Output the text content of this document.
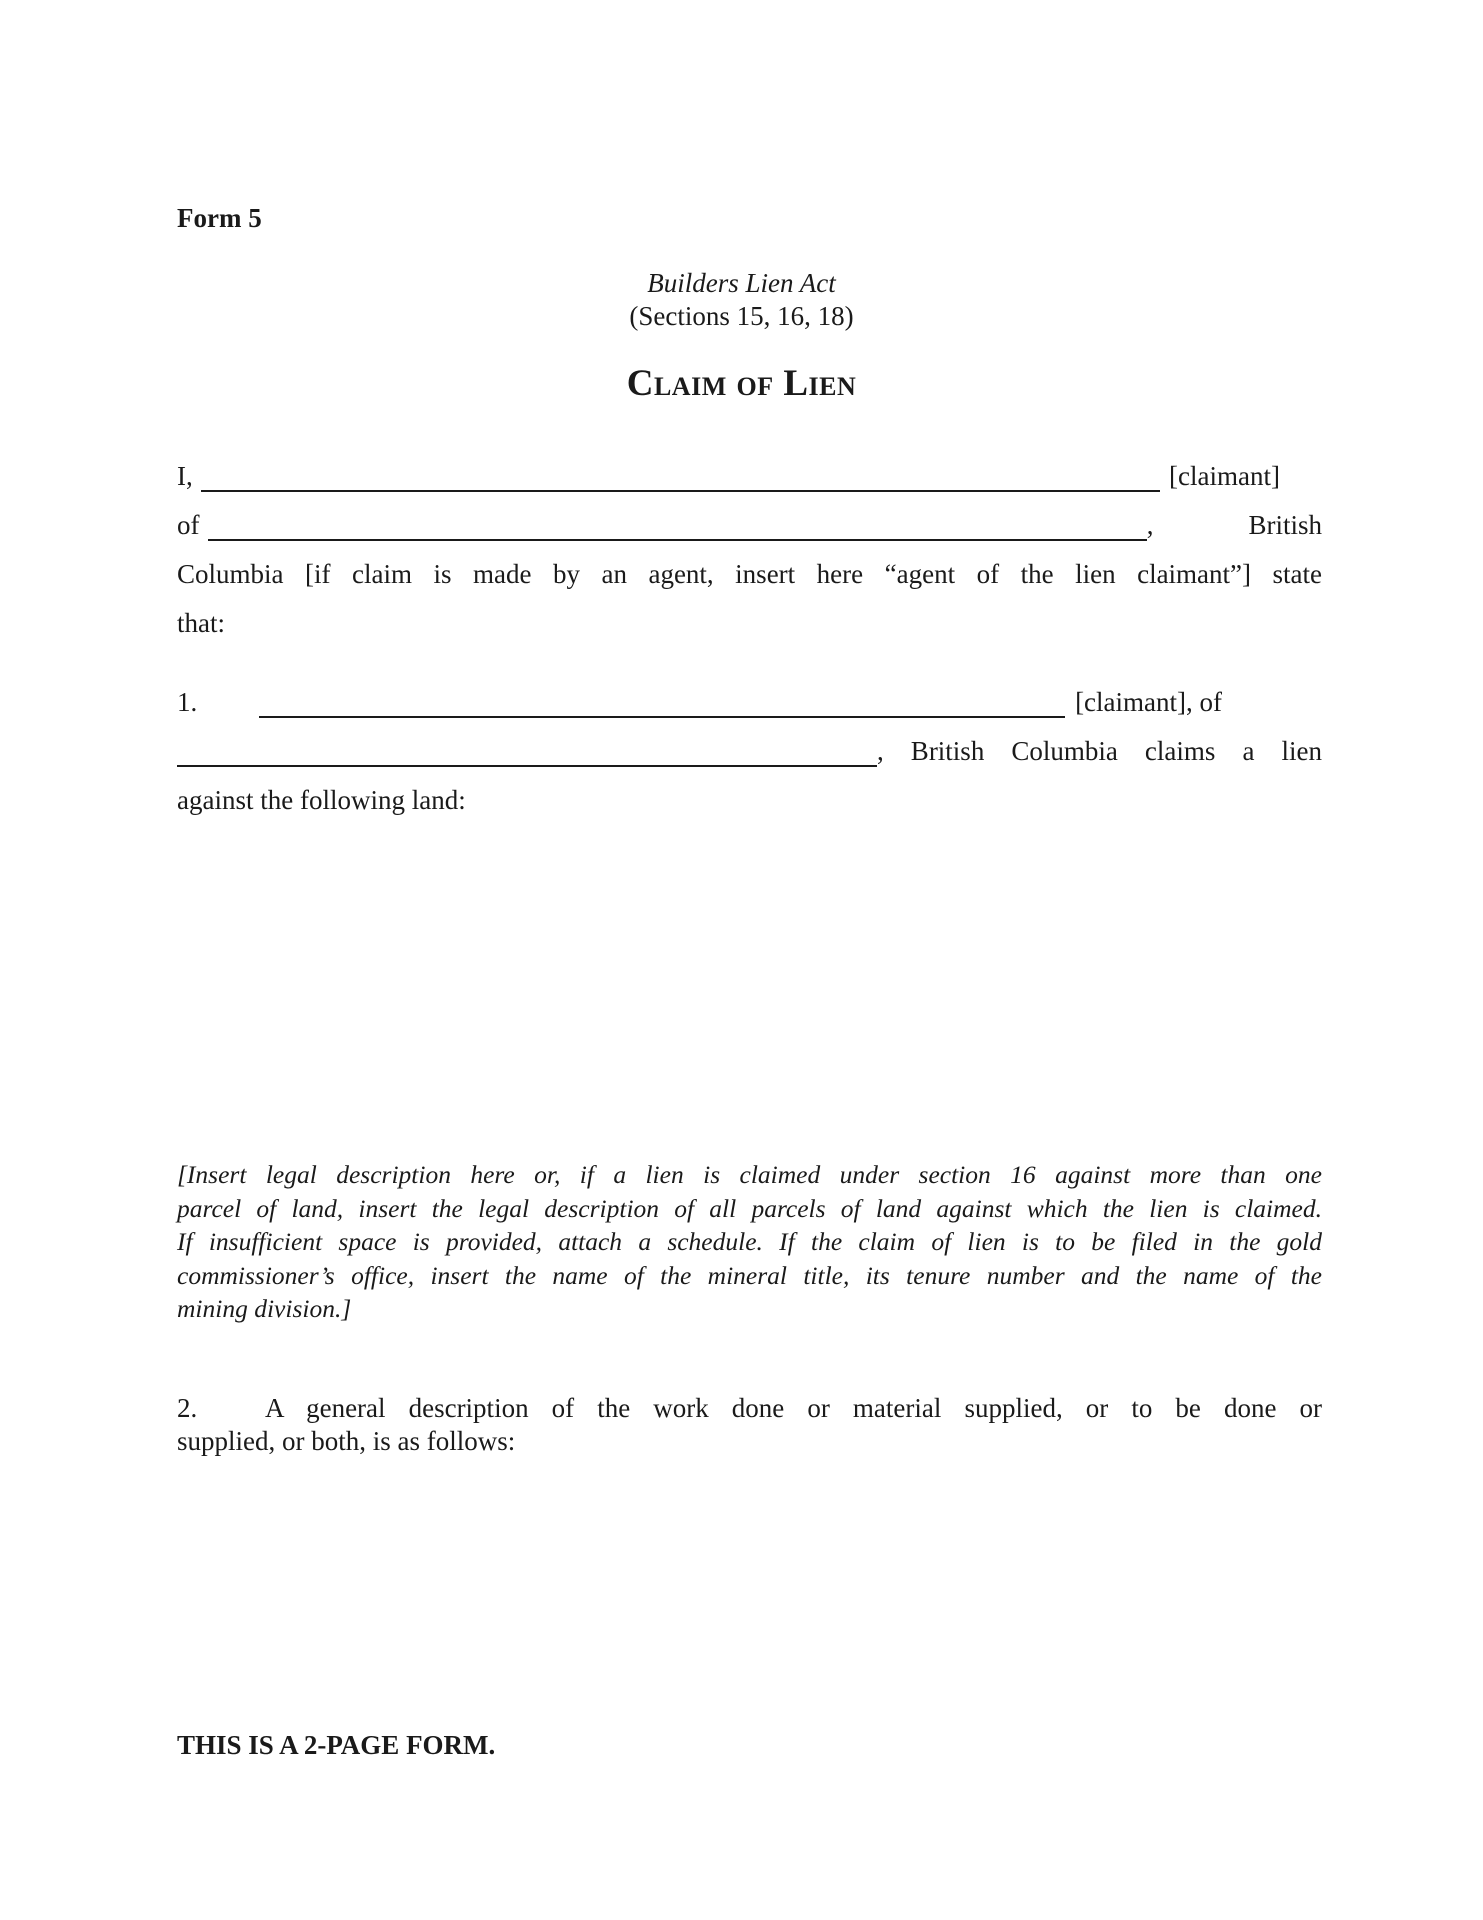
Form 5
Builders Lien Act
(Sections 15, 16, 18)
Claim of Lien
I,	[claimant]
of	,	British
Columbia [if claim is made by an agent, insert here “agent of the lien claimant”] state
that:
1.	[claimant], of
, British Columbia claims a lien
against the following land:
[Insert legal description here or, if a lien is claimed under section 16 against more than one
parcel of land, insert the legal description of all parcels of land against which the lien is claimed.
If insufficient space is provided, attach a schedule. If the claim of lien is to be filed in the gold
commissioner’s office, insert the name of the mineral title, its tenure number and the name of the
mining division.]
2.	A general description of the work done or material supplied, or to be done or
supplied, or both, is as follows:
THIS IS A 2-PAGE FORM.
